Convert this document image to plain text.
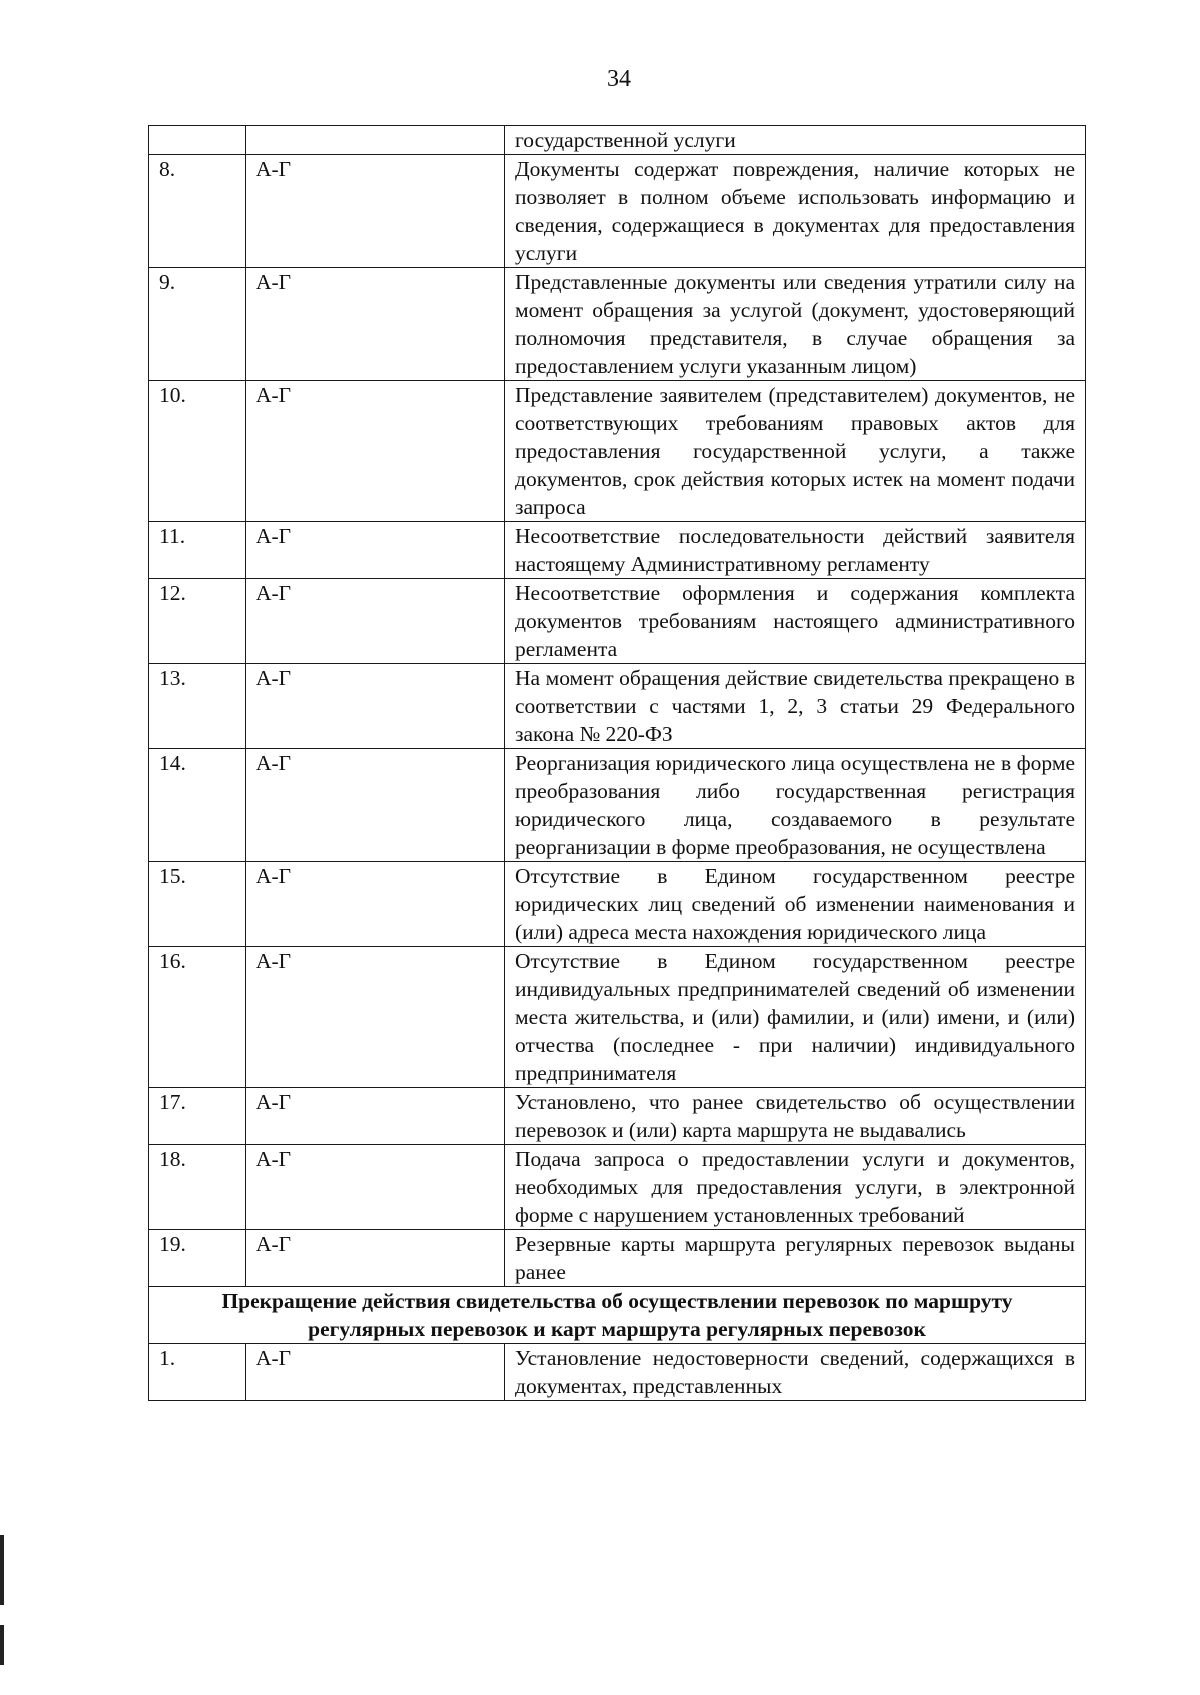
34
		государственной услуги
8.	А-Г	Документы содержат повреждения, наличие которых не позволяет в полном объеме использовать информацию и сведения, содержащиеся в документах для предоставления услуги
9.	А-Г	Представленные документы или сведения утратили силу на момент обращения за услугой (документ, удостоверяющий полномочия представителя, в случае обращения за предоставлением услуги указанным лицом)
10.	А-Г	Представление заявителем (представителем) документов, не соответствующих требованиям правовых актов для предоставления государственной услуги, а также документов, срок действия которых истек на момент подачи запроса
11.	А-Г	Несоответствие последовательности действий заявителя настоящему Административному регламенту
12.	А-Г	Несоответствие оформления и содержания комплекта документов требованиям настоящего административного регламента
13.	А-Г	На момент обращения действие свидетельства прекращено в соответствии с частями 1, 2, 3 статьи 29 Федерального закона № 220-ФЗ
14.	А-Г	Реорганизация юридического лица осуществлена не в форме преобразования либо государственная регистрация юридического лица, создаваемого в результате реорганизации в форме преобразования, не осуществлена
15.	А-Г	Отсутствие в Едином государственном реестре юридических лиц сведений об изменении наименования и (или) адреса места нахождения юридического лица
16.	А-Г	Отсутствие в Едином государственном реестре индивидуальных предпринимателей сведений об изменении места жительства, и (или) фамилии, и (или) имени, и (или) отчества (последнее - при наличии) индивидуального предпринимателя
17.	А-Г	Установлено, что ранее свидетельство об осуществлении перевозок и (или) карта маршрута не выдавались
18.	А-Г	Подача запроса о предоставлении услуги и документов, необходимых для предоставления услуги, в электронной форме с нарушением установленных требований
19.	А-Г	Резервные карты маршрута регулярных перевозок выданы ранее
Прекращение действия свидетельства об осуществлении перевозок по маршруту регулярных перевозок и карт маршрута регулярных перевозок		
1.	А-Г	Установление недостоверности сведений, содержащихся в документах, представленных
